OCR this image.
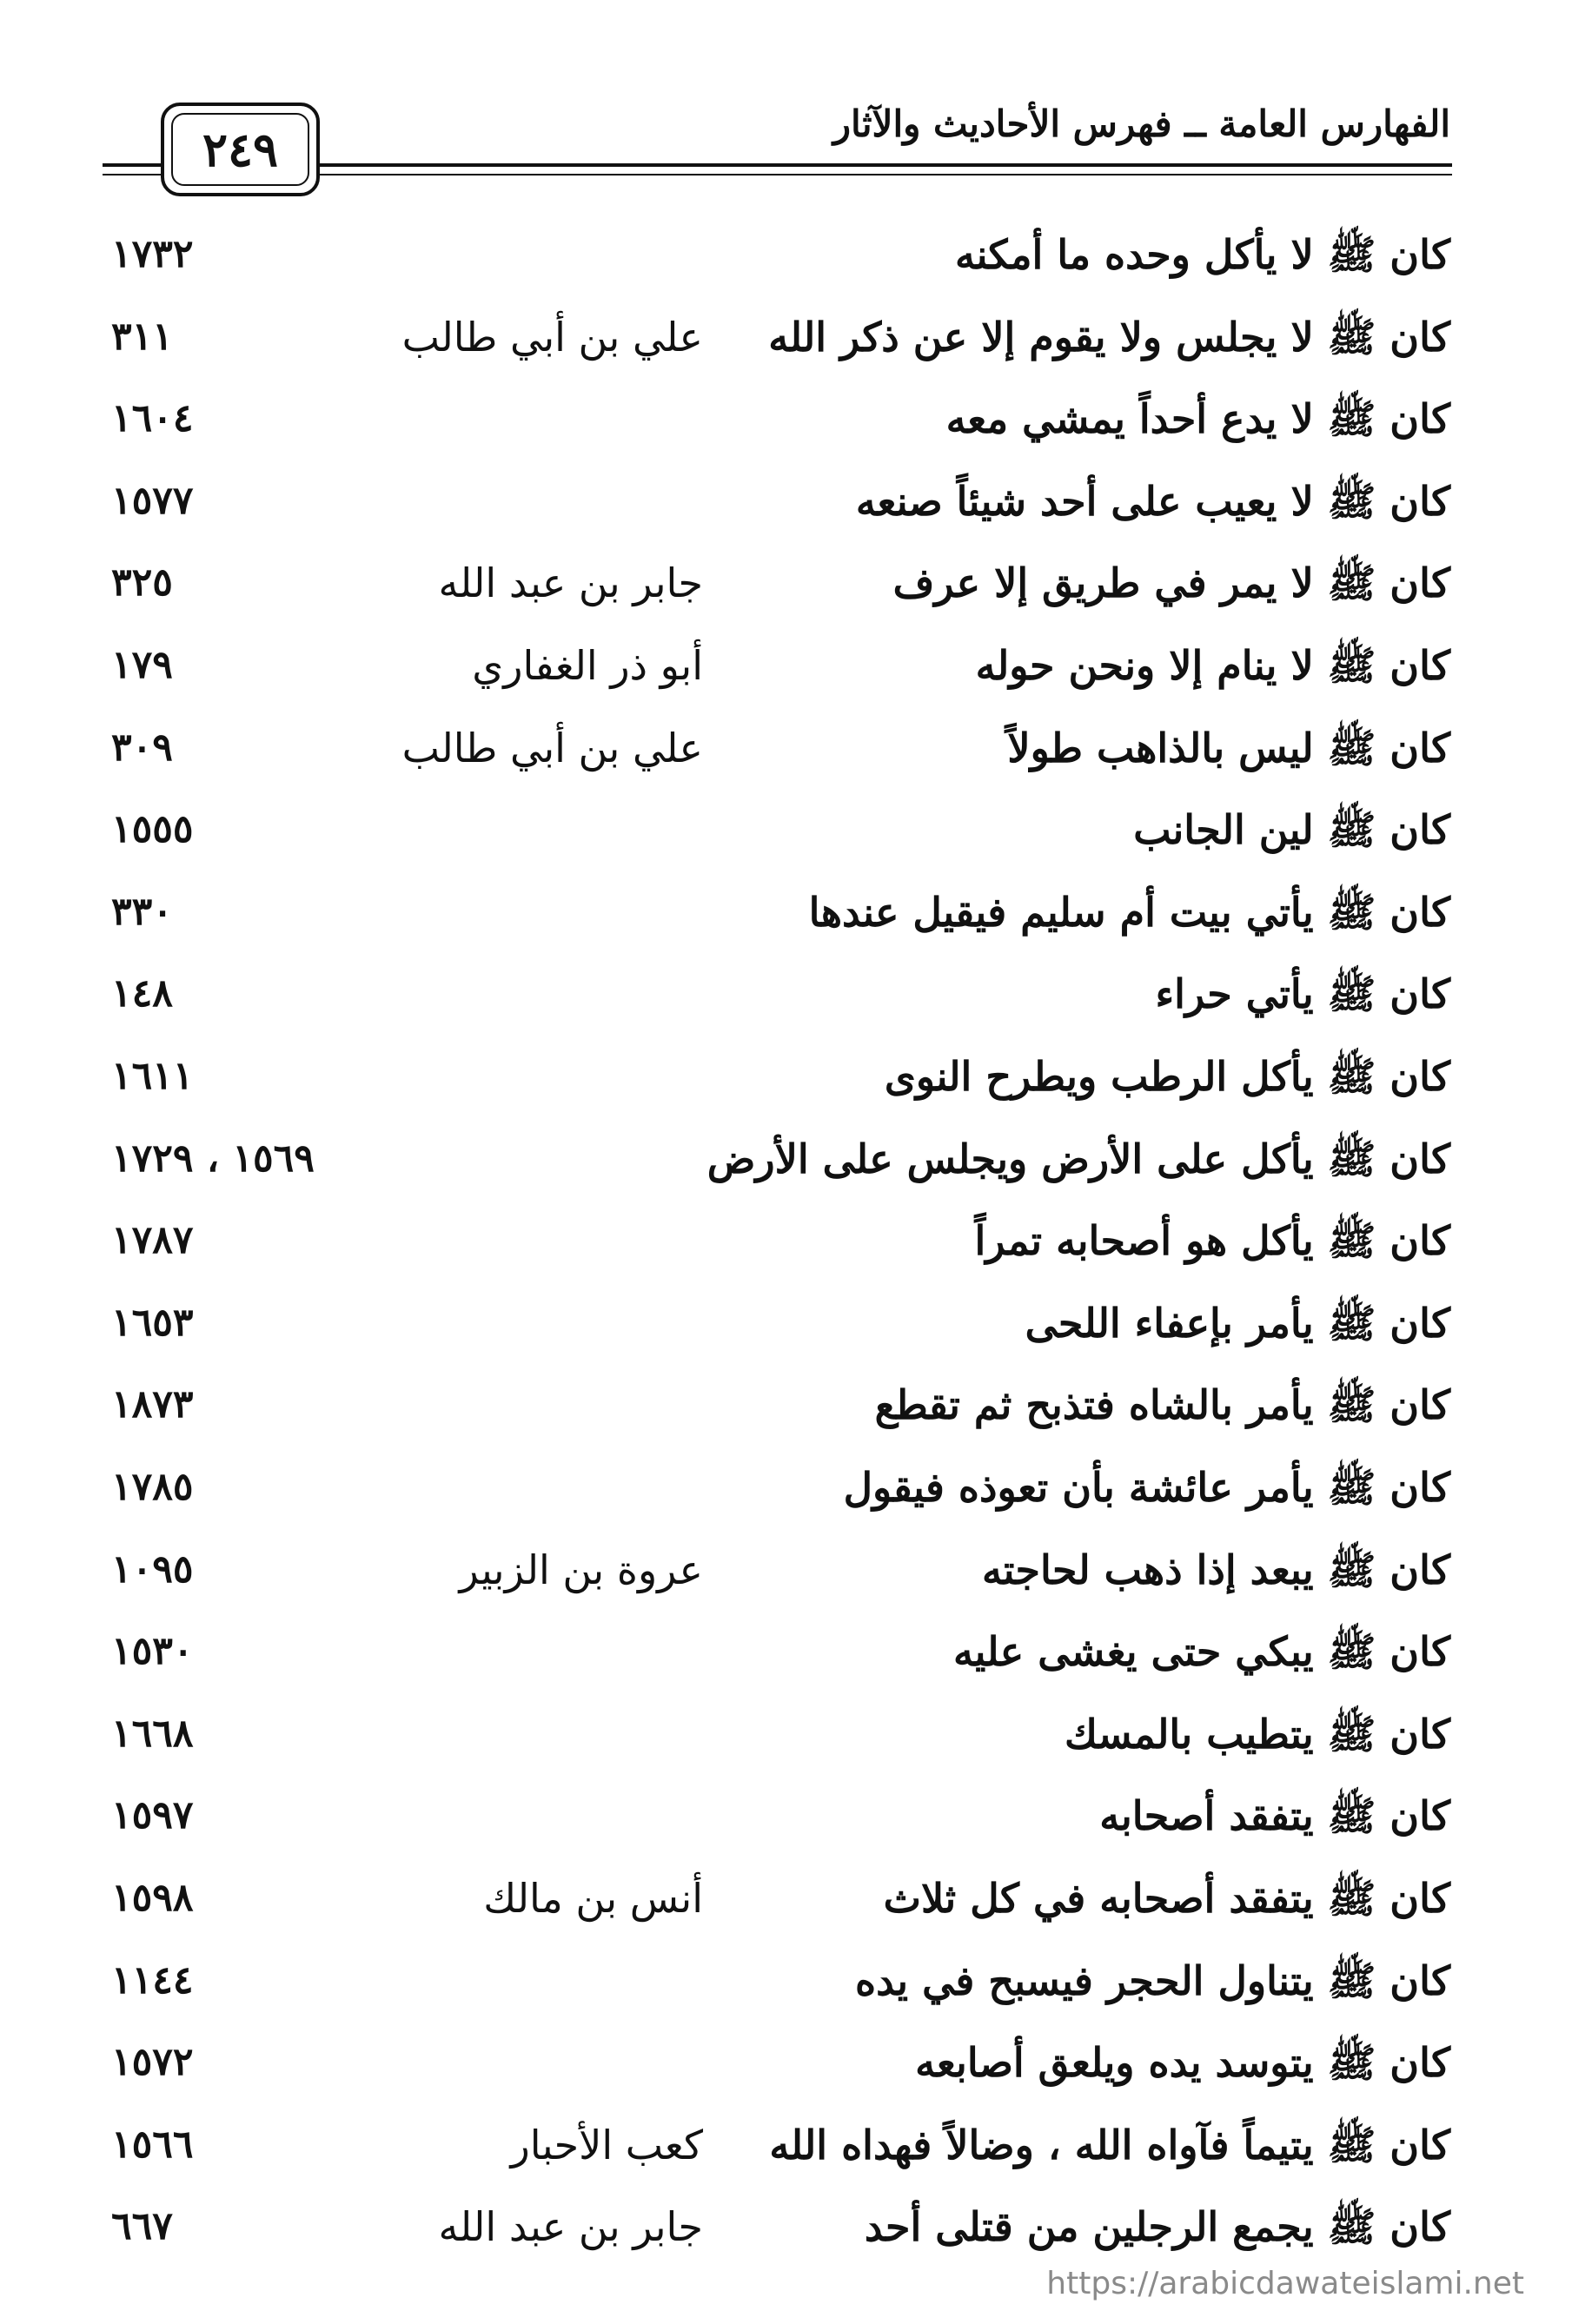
الفهارس العامة ــ فهرس الأحاديث والآثار
٢٤٩
كان ﷺ لا يأكل وحده ما أمكنه
١٧٣٢
كان ﷺ لا يجلس ولا يقوم إلا عن ذكر الله
علي بن أبي طالب
٣١١
كان ﷺ لا يدع أحداً يمشي معه
١٦٠٤
كان ﷺ لا يعيب على أحد شيئاً صنعه
١٥٧٧
كان ﷺ لا يمر في طريق إلا عرف
جابر بن عبد الله
٣٢٥
كان ﷺ لا ينام إلا ونحن حوله
أبو ذر الغفاري
١٧٩
كان ﷺ ليس بالذاهب طولاً
علي بن أبي طالب
٣٠٩
كان ﷺ لين الجانب
١٥٥٥
كان ﷺ يأتي بيت أم سليم فيقيل عندها
٣٣٠
كان ﷺ يأتي حراء
١٤٨
كان ﷺ يأكل الرطب ويطرح النوى
١٦١١
كان ﷺ يأكل على الأرض ويجلس على الأرض
١٥٦٩ ، ١٧٢٩
كان ﷺ يأكل هو أصحابه تمراً
١٧٨٧
كان ﷺ يأمر بإعفاء اللحى
١٦٥٣
كان ﷺ يأمر بالشاه فتذبح ثم تقطع
١٨٧٣
كان ﷺ يأمر عائشة بأن تعوذه فيقول
١٧٨٥
كان ﷺ يبعد إذا ذهب لحاجته
عروة بن الزبير
١٠٩٥
كان ﷺ يبكي حتى يغشى عليه
١٥٣٠
كان ﷺ يتطيب بالمسك
١٦٦٨
كان ﷺ يتفقد أصحابه
١٥٩٧
كان ﷺ يتفقد أصحابه في كل ثلاث
أنس بن مالك
١٥٩٨
كان ﷺ يتناول الحجر فيسبح في يده
١١٤٤
كان ﷺ يتوسد يده ويلعق أصابعه
١٥٧٢
كان ﷺ يتيماً فآواه الله ، وضالاً فهداه الله
كعب الأحبار
١٥٦٦
كان ﷺ يجمع الرجلين من قتلى أحد
جابر بن عبد الله
٦٦٧
https://arabicdawateislami.net
